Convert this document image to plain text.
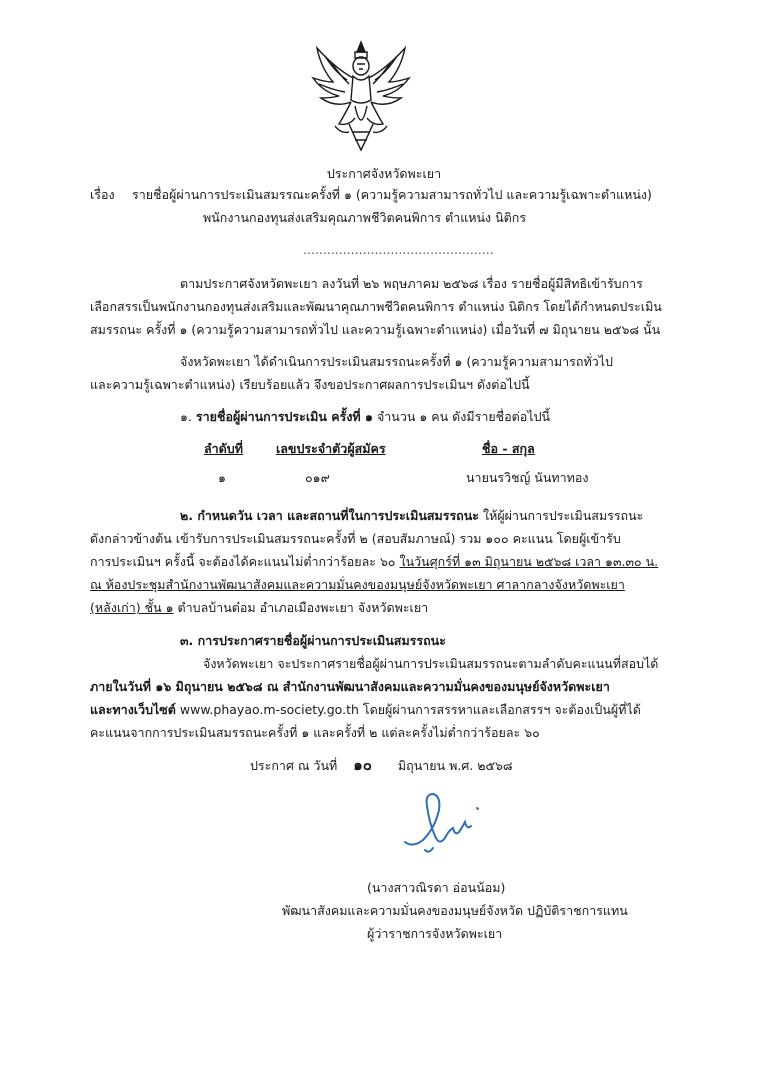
ประกาศจังหวัดพะเยา
เรื่อง รายชื่อผู้ผ่านการประเมินสมรรณะครั้งที่ ๑ (ความรู้ความสามารถทั่วไป และความรู้เฉพาะตำแหน่ง)
พนักงานกองทุนส่งเสริมคุณภาพชีวิตคนพิการ ตำแหน่ง นิติกร
................................................
ตามประกาศจังหวัดพะเยา ลงวันที่ ๒๖ พฤษภาคม ๒๕๖๘ เรื่อง รายชื่อผู้มีสิทธิเข้ารับการ
เลือกสรรเป็นพนักงานกองทุนส่งเสริมและพัฒนาคุณภาพชีวิตคนพิการ ตำแหน่ง นิติกร โดยได้กำหนดประเมิน
สมรรถนะ ครั้งที่ ๑ (ความรู้ความสามารถทั่วไป และความรู้เฉพาะตำแหน่ง) เมื่อวันที่ ๗ มิถุนายน ๒๕๖๘ นั้น
จังหวัดพะเยา ได้ดำเนินการประเมินสมรรถนะครั้งที่ ๑ (ความรู้ความสามารถทั่วไป
และความรู้เฉพาะตำแหน่ง) เรียบร้อยแล้ว จึงขอประกาศผลการประเมินฯ ดังต่อไปนี้
๑. รายชื่อผู้ผ่านการประเมิน ครั้งที่ ๑ จำนวน ๑ คน ดังมีรายชื่อต่อไปนี้
ลำดับที่	เลขประจำตัวผู้สมัคร	ชื่อ - สกุล
๑	๐๑๙	นายนรวิชญ์ นันทาทอง
๒. กำหนดวัน เวลา และสถานที่ในการประเมินสมรรถนะ ให้ผู้ผ่านการประเมินสมรรถนะ
ดังกล่าวข้างต้น เข้ารับการประเมินสมรรถนะครั้งที่ ๒ (สอบสัมภาษณ์) รวม ๑๐๐ คะแนน โดยผู้เข้ารับ
การประเมินฯ ครั้งนี้ จะต้องได้คะแนนไม่ต่ำกว่าร้อยละ ๖๐ ในวันศุกร์ที่ ๑๓ มิถุนายน ๒๕๖๘ เวลา ๑๓.๓๐ น.
ณ ห้องประชุมสำนักงานพัฒนาสังคมและความมั่นคงของมนุษย์จังหวัดพะเยา ศาลากลางจังหวัดพะเยา
(หลังเก่า) ชั้น ๑ ตำบลบ้านต๋อม อำเภอเมืองพะเยา จังหวัดพะเยา
๓. การประกาศรายชื่อผู้ผ่านการประเมินสมรรถนะ
จังหวัดพะเยา จะประกาศรายชื่อผู้ผ่านการประเมินสมรรถนะตามลำดับคะแนนที่สอบได้
ภายในวันที่ ๑๖ มิถุนายน ๒๕๖๘ ณ สำนักงานพัฒนาสังคมและความมั่นคงของมนุษย์จังหวัดพะเยา
และทางเว็บไซต์ www.phayao.m-society.go.th โดยผู้ผ่านการสรรหาและเลือกสรรฯ จะต้องเป็นผู้ที่ได้
คะแนนจากการประเมินสมรรถนะครั้งที่ ๑ และครั้งที่ ๒ แต่ละครั้งไม่ต่ำกว่าร้อยละ ๖๐
ประกาศ ณ วันที่ ๑๐ มิถุนายน พ.ศ. ๒๕๖๘
(นางสาวณิรดา อ่อนน้อม)
พัฒนาสังคมและความมั่นคงของมนุษย์จังหวัด ปฏิบัติราชการแทน
ผู้ว่าราชการจังหวัดพะเยา
